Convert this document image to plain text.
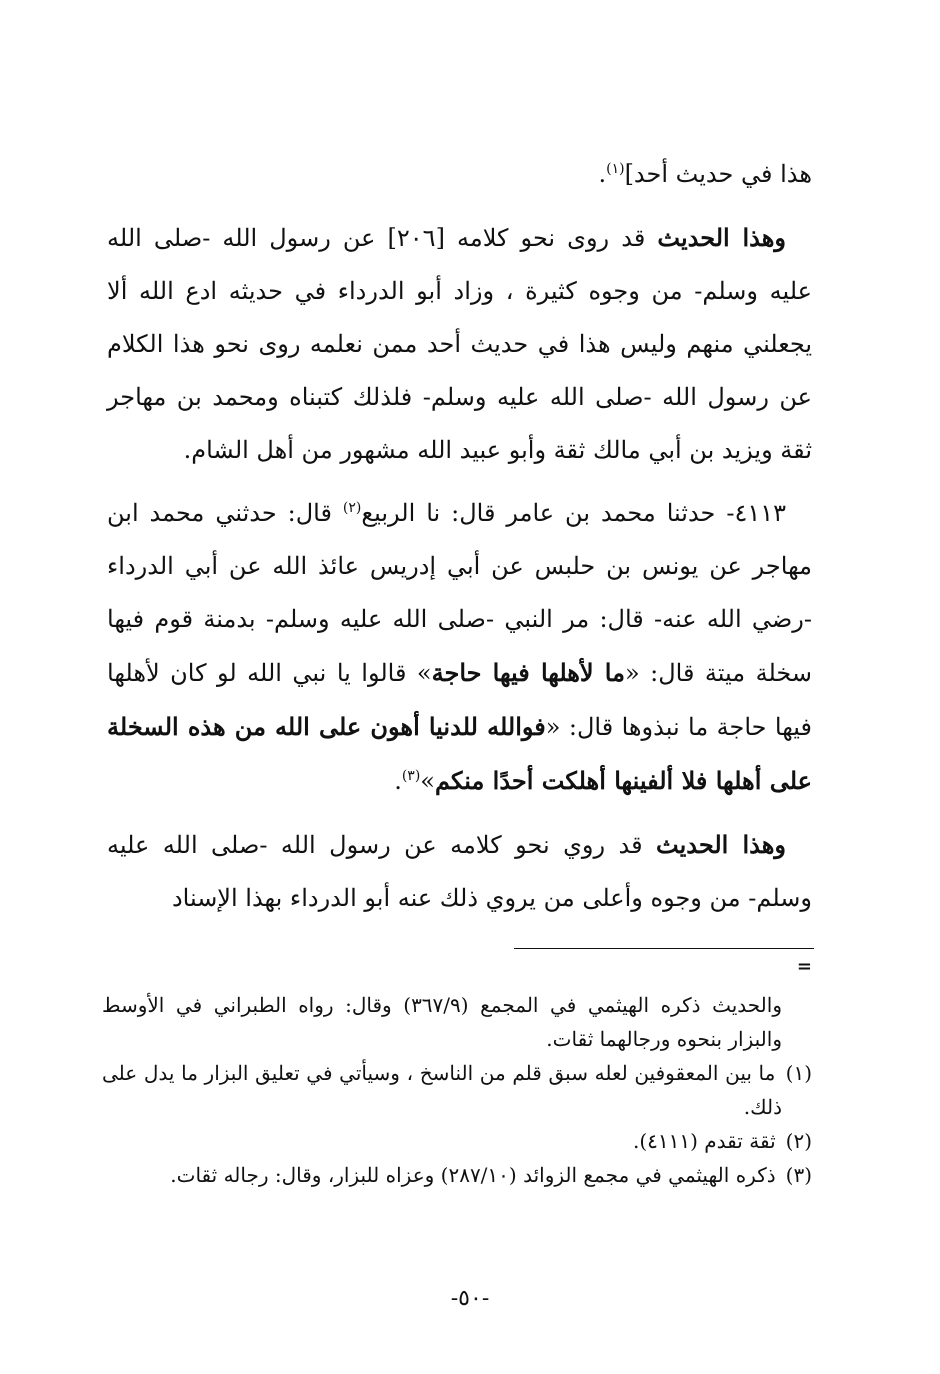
هذا في حديث أحد]$^{(١)}$.

وهذا الحديث قد روى نحو كلامه [٢٠٦] عن رسول الله -صلى الله عليه وسلم- من وجوه كثيرة ، وزاد أبو الدرداء في حديثه ادع الله ألا يجعلني منهم وليس هذا في حديث أحد ممن نعلمه روى نحو هذا الكلام عن رسول الله -صلى الله عليه وسلم- فلذلك كتبناه ومحمد بن مهاجر ثقة ويزيد بن أبي مالك ثقة وأبو عبيد الله مشهور من أهل الشام.

٤١١٣- حدثنا محمد بن عامر قال: نا الربيع$^{(٢)}$ قال: حدثني محمد ابن مهاجر عن يونس بن حلبس عن أبي إدريس عائذ الله عن أبي الدرداء -رضي الله عنه- قال: مر النبي -صلى الله عليه وسلم- بدمنة قوم فيها سخلة ميتة قال: «ما لأهلها فيها حاجة» قالوا يا نبي الله لو كان لأهلها فيها حاجة ما نبذوها قال: «فوالله للدنيا أهون على الله من هذه السخلة على أهلها فلا ألفينها أهلكت أحدًا منكم»$^{(٣)}$.

وهذا الحديث قد روي نحو كلامه عن رسول الله -صلى الله عليه وسلم- من وجوه وأعلى من يروي ذلك عنه أبو الدرداء بهذا الإسناد

=

والحديث ذكره الهيثمي في المجمع (٣٦٧/٩) وقال: رواه الطبراني في الأوسط والبزار بنحوه ورجالهما ثقات.

(١) ما بين المعقوفين لعله سبق قلم من الناسخ ، وسيأتي في تعليق البزار ما يدل على ذلك.

(٢) ثقة تقدم (٤١١١).

(٣) ذكره الهيثمي في مجمع الزوائد (٢٨٧/١٠) وعزاه للبزار، وقال: رجاله ثقات.

-٥٠-
